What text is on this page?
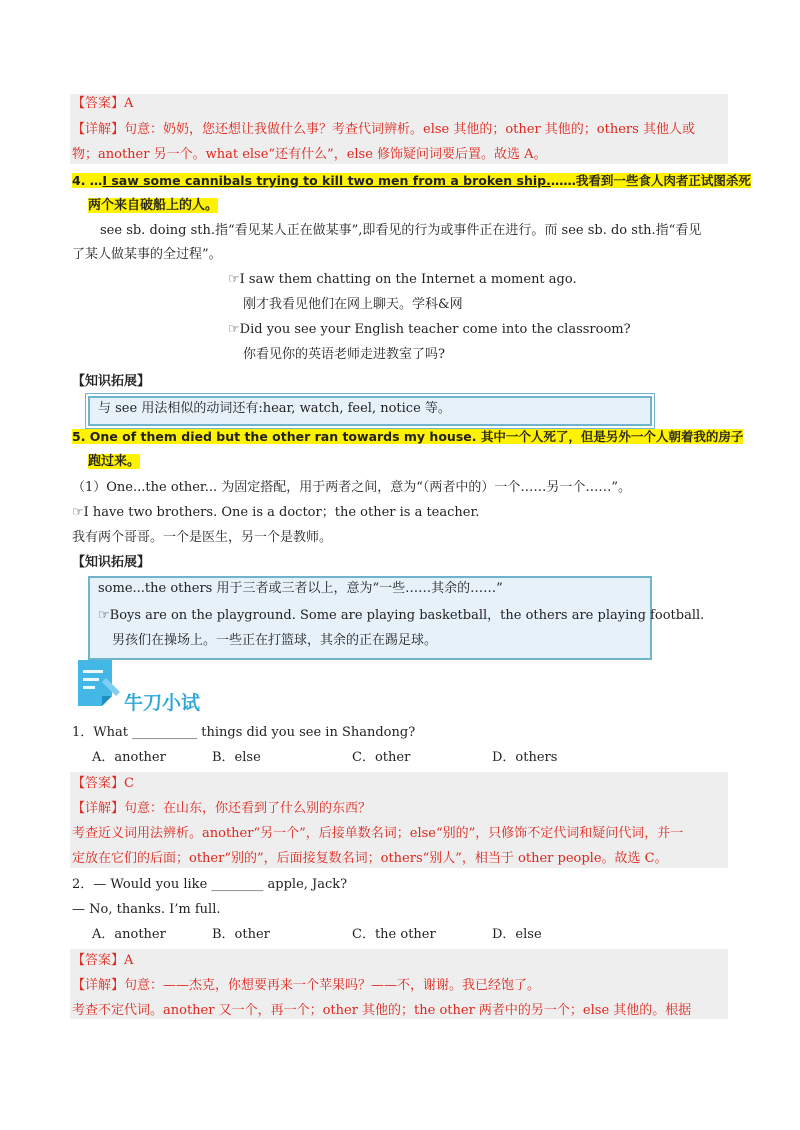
【答案】A
【详解】句意：奶奶，您还想让我做什么事？考查代词辨析。else 其他的；other 其他的；others 其他人或
物；another 另一个。what else“还有什么”，else 修饰疑问词要后置。故选 A。
4. …I saw some cannibals trying to kill two men from a broken ship.……我看到一些食人肉者正试图杀死
两个来自破船上的人。
see sb. doing sth.指“看见某人正在做某事”,即看见的行为或事件正在进行。而 see sb. do sth.指“看见
了某人做某事的全过程”。
☞I saw them chatting on the Internet a moment ago.
刚才我看见他们在网上聊天。学科&网
☞Did you see your English teacher come into the classroom?
你看见你的英语老师走进教室了吗?
【知识拓展】
与 see 用法相似的动词还有:hear, watch, feel, notice 等。
5. One of them died but the other ran towards my house. 其中一个人死了，但是另外一个人朝着我的房子
跑过来。
（1）One...the other... 为固定搭配，用于两者之间，意为“（两者中的）一个……另一个……”。
☞I have two brothers. One is a doctor；the other is a teacher.
我有两个哥哥。一个是医生，另一个是教师。
【知识拓展】
some...the others 用于三者或三者以上，意为“一些……其余的……”
☞Boys are on the playground. Some are playing basketball，the others are playing football.
男孩们在操场上。一些正在打篮球，其余的正在踢足球。
牛刀小试
1．What __________ things did you see in Shandong?
A．another	B．else	C．other	D．others
【答案】C
【详解】句意：在山东，你还看到了什么别的东西？
考查近义词用法辨析。another“另一个”，后接单数名词；else“别的”，只修饰不定代词和疑问代词，并一
定放在它们的后面；other“别的”，后面接复数名词；others“别人”，相当于 other people。故选 C。
2．— Would you like ________ apple, Jack?
— No, thanks. I’m full.
A．another	B．other	C．the other	D．else
【答案】A
【详解】句意：——杰克，你想要再来一个苹果吗？——不，谢谢。我已经饱了。
考查不定代词。another 又一个，再一个；other 其他的；the other 两者中的另一个；else 其他的。根据
